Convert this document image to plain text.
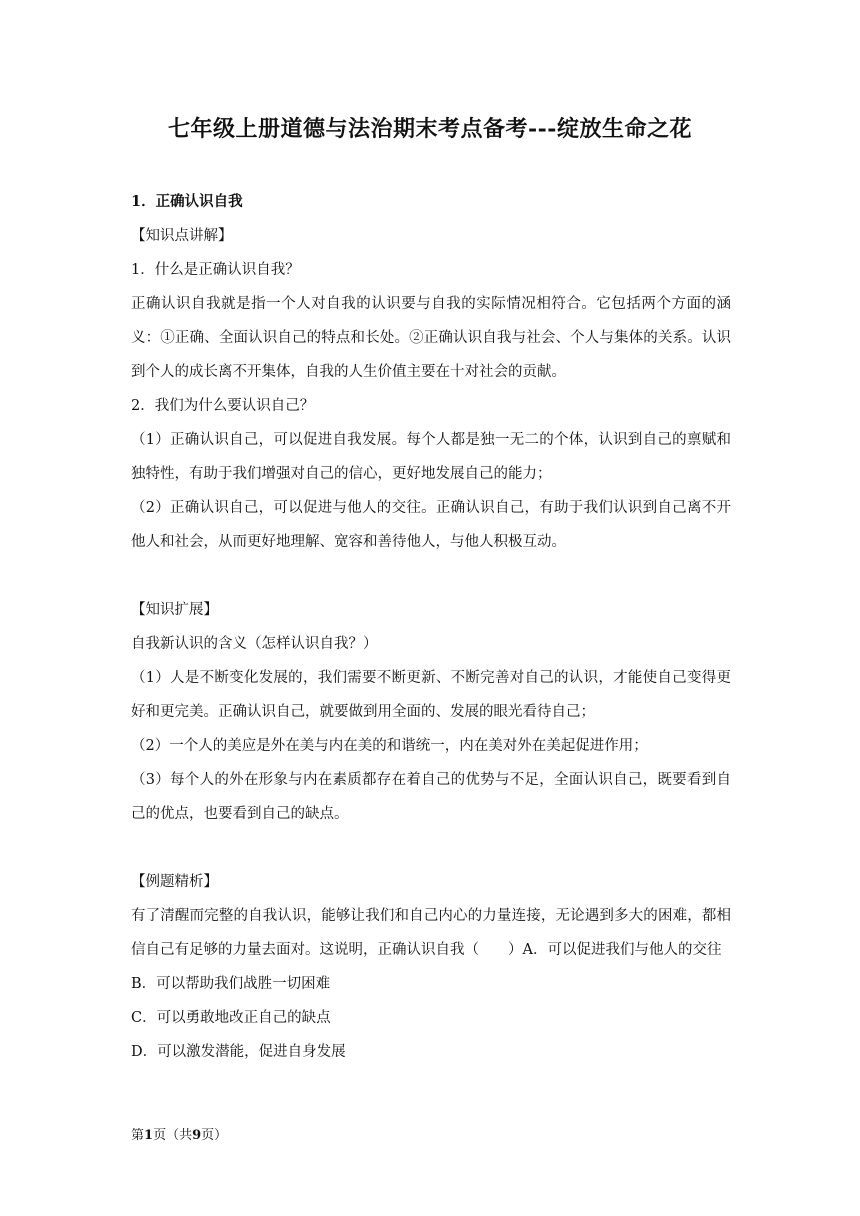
七年级上册道德与法治期末考点备考---绽放生命之花
1．正确认识自我
【知识点讲解】
1．什么是正确认识自我？
正确认识自我就是指一个人对自我的认识要与自我的实际情况相符合。它包括两个方面的涵义：①正确、全面认识自己的特点和长处。②正确认识自我与社会、个人与集体的关系。认识到个人的成长离不开集体，自我的人生价值主要在十对社会的贡献。
2．我们为什么要认识自己？
（1）正确认识自己，可以促进自我发展。每个人都是独一无二的个体，认识到自己的禀赋和独特性，有助于我们增强对自己的信心，更好地发展自己的能力；
（2）正确认识自己，可以促进与他人的交往。正确认识自己，有助于我们认识到自己离不开他人和社会，从而更好地理解、宽容和善待他人，与他人积极互动。
【知识扩展】
自我新认识的含义（怎样认识自我？）
（1）人是不断变化发展的，我们需要不断更新、不断完善对自己的认识，才能使自己变得更好和更完美。正确认识自己，就要做到用全面的、发展的眼光看待自己；
（2）一个人的美应是外在美与内在美的和谐统一，内在美对外在美起促进作用；
（3）每个人的外在形象与内在素质都存在着自己的优势与不足，全面认识自己，既要看到自己的优点，也要看到自己的缺点。
【例题精析】
有了清醒而完整的自我认识，能够让我们和自己内心的力量连接，无论遇到多大的困难，都相信自己有足够的力量去面对。这说明，正确认识自我（　　）A．可以促进我们与他人的交往
B．可以帮助我们战胜一切困难
C．可以勇敢地改正自己的缺点
D．可以激发潜能，促进自身发展
第1页（共9页）
